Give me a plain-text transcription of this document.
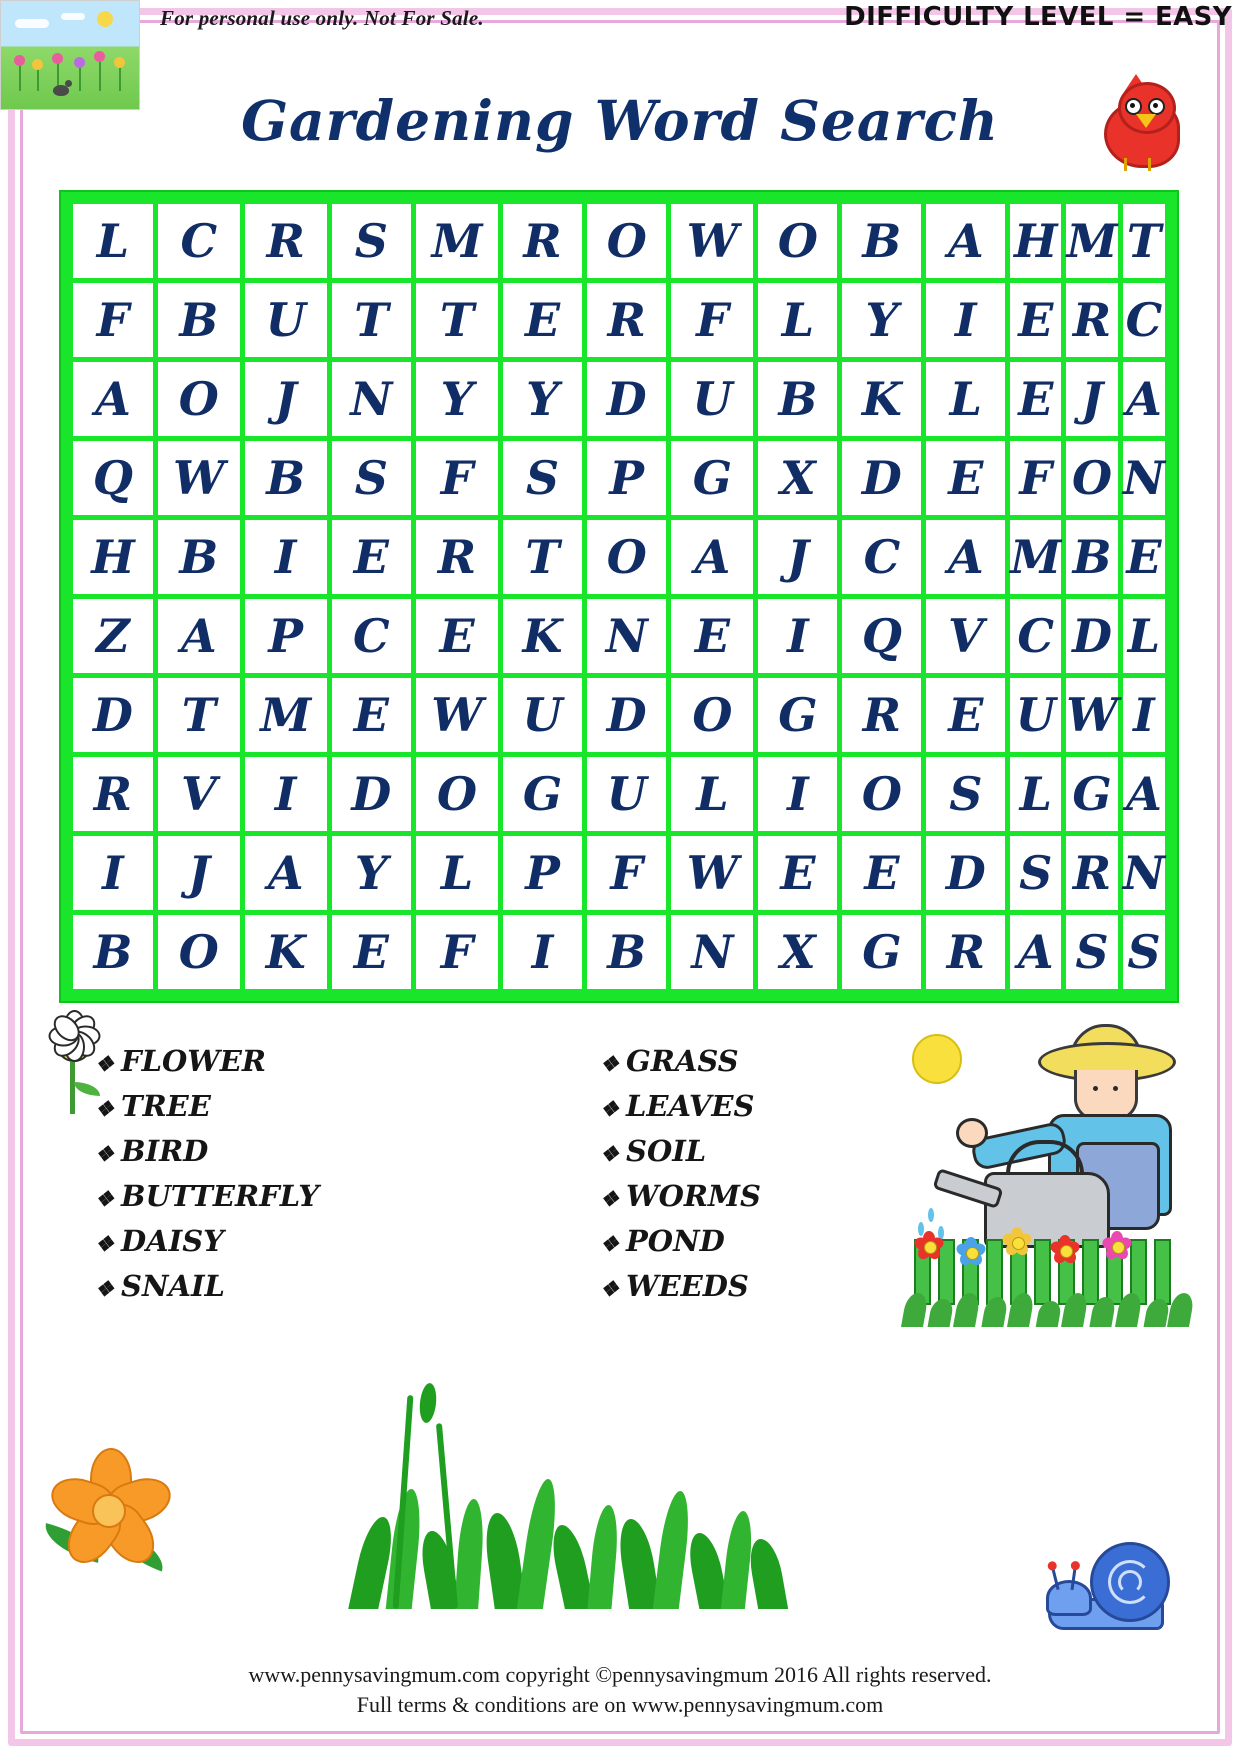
For personal use only. Not For Sale.	DIFFICULTY LEVEL = EASY
Gardening Word Search
L	C	R	S	M	R	O	W	O	B	A	H	M	T
F	B	U	T	T	E	R	F	L	Y	I	E	R	C
A	O	J	N	Y	Y	D	U	B	K	L	E	J	A
Q	W	B	S	F	S	P	G	X	D	E	F	O	N
H	B	I	E	R	T	O	A	J	C	A	M	B	E
Z	A	P	C	E	K	N	E	I	Q	V	C	D	L
D	T	M	E	W	U	D	O	G	R	E	U	W	I
R	V	I	D	O	G	U	L	I	O	S	L	G	A
I	J	A	Y	L	P	F	W	E	E	D	S	R	N
B	O	K	E	F	I	B	N	X	G	R	A	S	S
❖ FLOWER
❖ TREE
❖ BIRD
❖ BUTTERFLY
❖ DAISY
❖ SNAIL
❖ GRASS
❖ LEAVES
❖ SOIL
❖ WORMS
❖ POND
❖ WEEDS
www.pennysavingmum.com copyright ©pennysavingmum 2016 All rights reserved.
Full terms & conditions are on www.pennysavingmum.com
